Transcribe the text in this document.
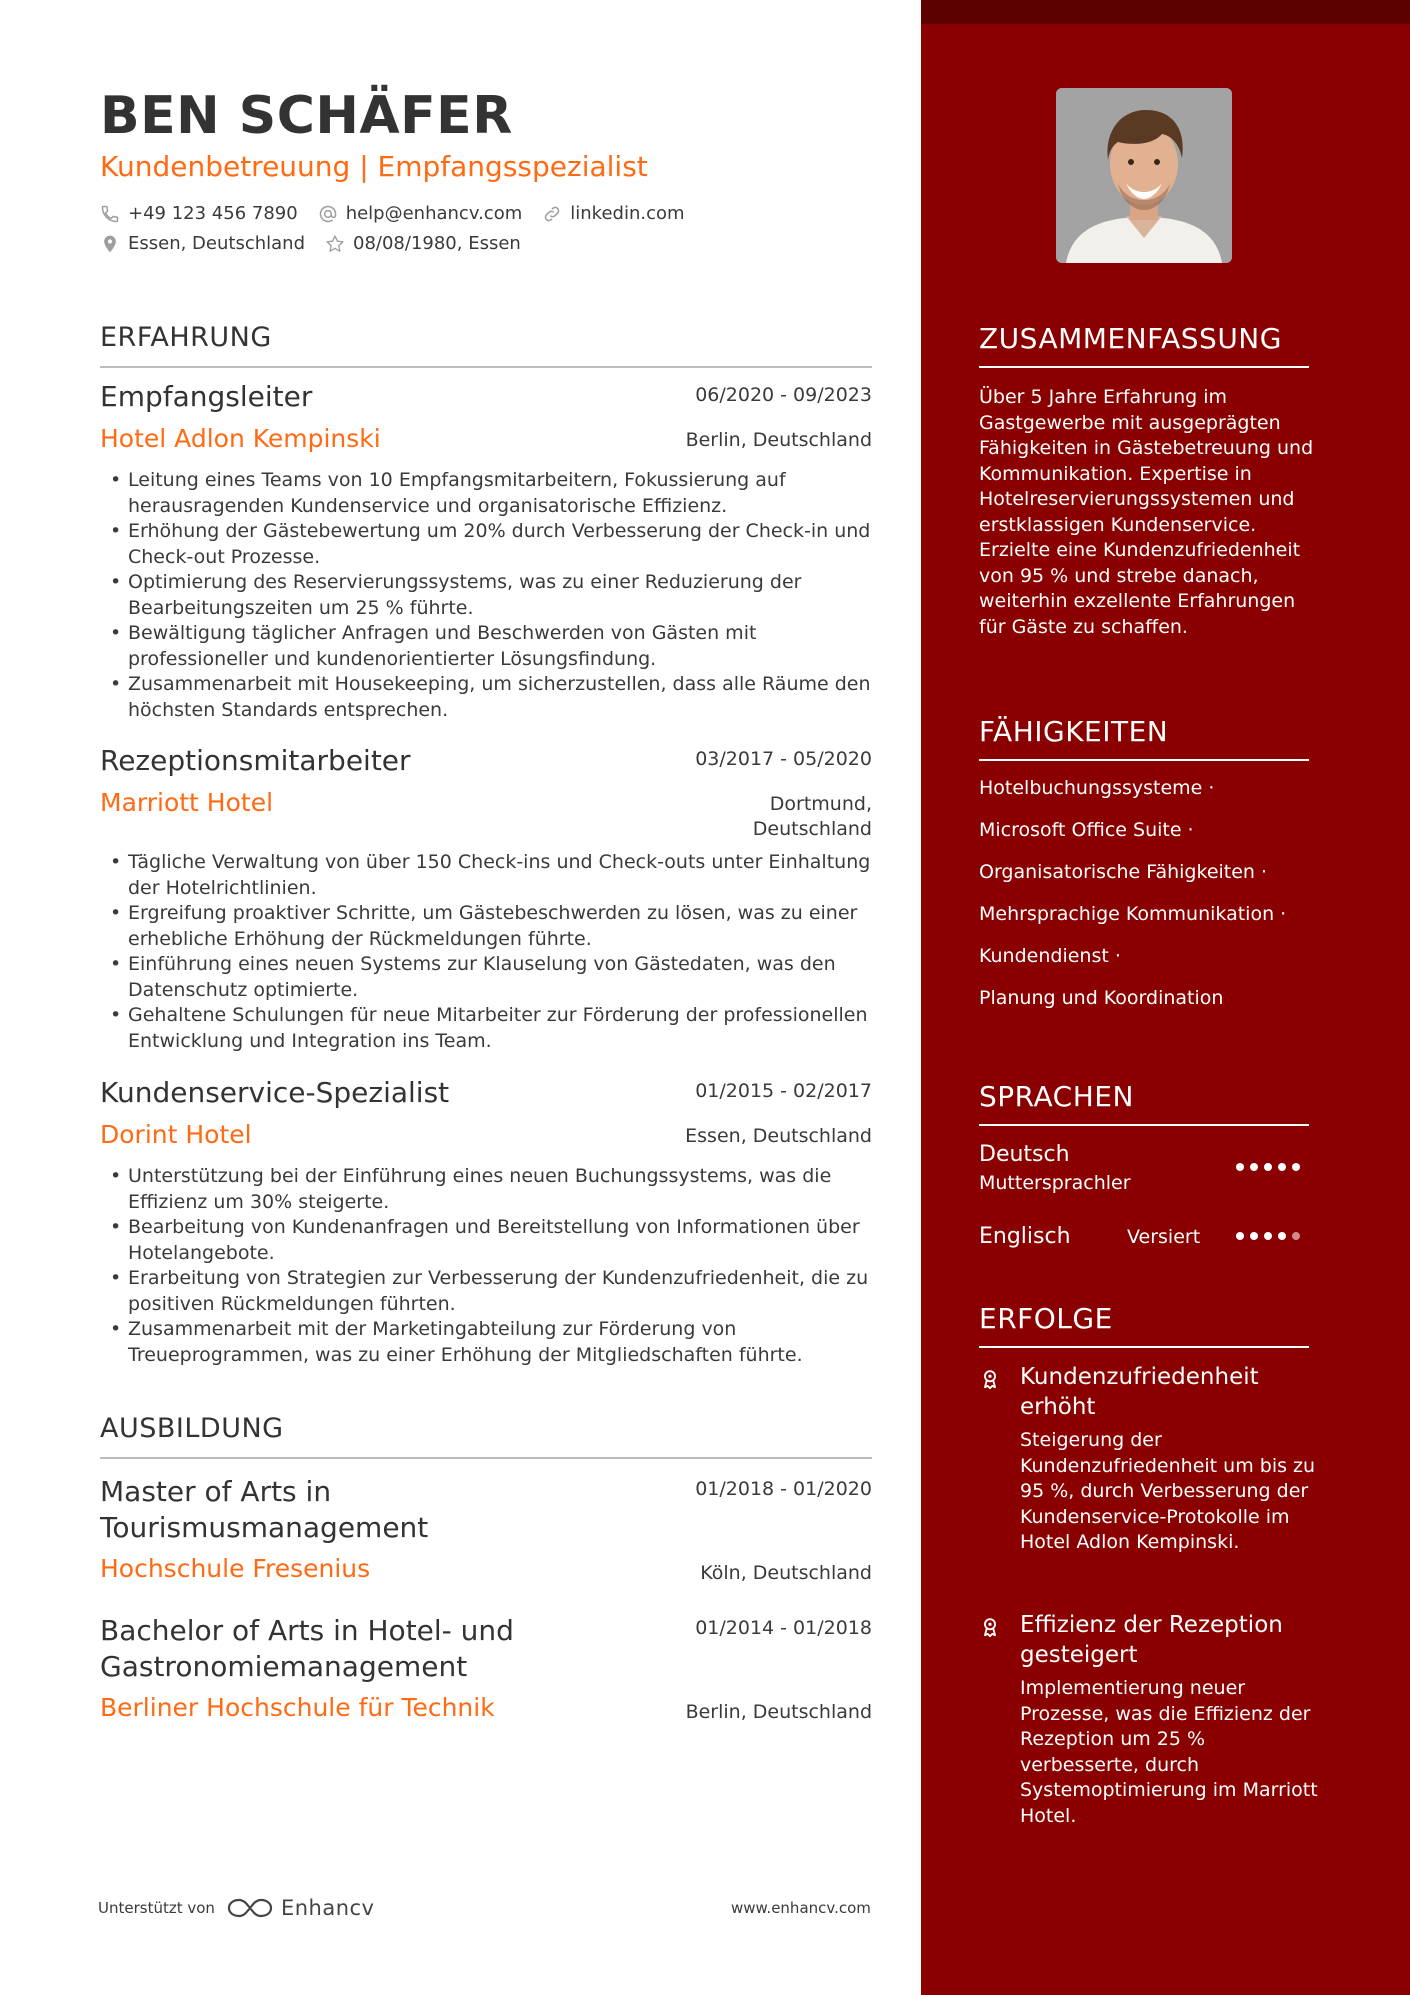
BEN SCHÄFER
Kundenbetreuung | Empfangsspezialist
+49 123 456 7890	help@enhancv.com	linkedin.com
Essen, Deutschland	08/08/1980, Essen
ERFAHRUNG
Empfangsleiter	06/2020 - 09/2023
Hotel Adlon Kempinski	Berlin, Deutschland
• Leitung eines Teams von 10 Empfangsmitarbeitern, Fokussierung auf herausragenden Kundenservice und organisatorische Effizienz.
• Erhöhung der Gästebewertung um 20% durch Verbesserung der Check-in und Check-out Prozesse.
• Optimierung des Reservierungssystems, was zu einer Reduzierung der Bearbeitungszeiten um 25 % führte.
• Bewältigung täglicher Anfragen und Beschwerden von Gästen mit professioneller und kundenorientierter Lösungsfindung.
• Zusammenarbeit mit Housekeeping, um sicherzustellen, dass alle Räume den höchsten Standards entsprechen.
Rezeptionsmitarbeiter	03/2017 - 05/2020
Marriott Hotel	Dortmund,
Deutschland
• Tägliche Verwaltung von über 150 Check-ins und Check-outs unter Einhaltung der Hotelrichtlinien.
• Ergreifung proaktiver Schritte, um Gästebeschwerden zu lösen, was zu einer erhebliche Erhöhung der Rückmeldungen führte.
• Einführung eines neuen Systems zur Klauselung von Gästedaten, was den Datenschutz optimierte.
• Gehaltene Schulungen für neue Mitarbeiter zur Förderung der professionellen Entwicklung und Integration ins Team.
Kundenservice-Spezialist	01/2015 - 02/2017
Dorint Hotel	Essen, Deutschland
• Unterstützung bei der Einführung eines neuen Buchungssystems, was die Effizienz um 30% steigerte.
• Bearbeitung von Kundenanfragen und Bereitstellung von Informationen über Hotelangebote.
• Erarbeitung von Strategien zur Verbesserung der Kundenzufriedenheit, die zu positiven Rückmeldungen führten.
• Zusammenarbeit mit der Marketingabteilung zur Förderung von Treueprogrammen, was zu einer Erhöhung der Mitgliedschaften führte.
AUSBILDUNG
Master of Arts in Tourismusmanagement
01/2018 - 01/2020
Hochschule Fresenius	Köln, Deutschland
Bachelor of Arts in Hotel- und Gastronomiemanagement
01/2014 - 01/2018
Berliner Hochschule für Technik	Berlin, Deutschland
Unterstützt von	Enhancv	www.enhancv.com
ZUSAMMENFASSUNG
Über 5 Jahre Erfahrung im Gastgewerbe mit ausgeprägten Fähigkeiten in Gästebetreuung und Kommunikation. Expertise in Hotelreservierungssystemen und erstklassigen Kundenservice. Erzielte eine Kundenzufriedenheit von 95 % und strebe danach, weiterhin exzellente Erfahrungen für Gäste zu schaffen.
FÄHIGKEITEN
Hotelbuchungssysteme ·
Microsoft Office Suite ·
Organisatorische Fähigkeiten ·
Mehrsprachige Kommunikation ·
Kundendienst ·
Planung und Koordination
SPRACHEN
Deutsch
Muttersprachler
Englisch	Versiert
ERFOLGE
Kundenzufriedenheit erhöht
Steigerung der Kundenzufriedenheit um bis zu 95 %, durch Verbesserung der Kundenservice-Protokolle im Hotel Adlon Kempinski.
Effizienz der Rezeption gesteigert
Implementierung neuer Prozesse, was die Effizienz der Rezeption um 25 % verbesserte, durch Systemoptimierung im Marriott Hotel.
